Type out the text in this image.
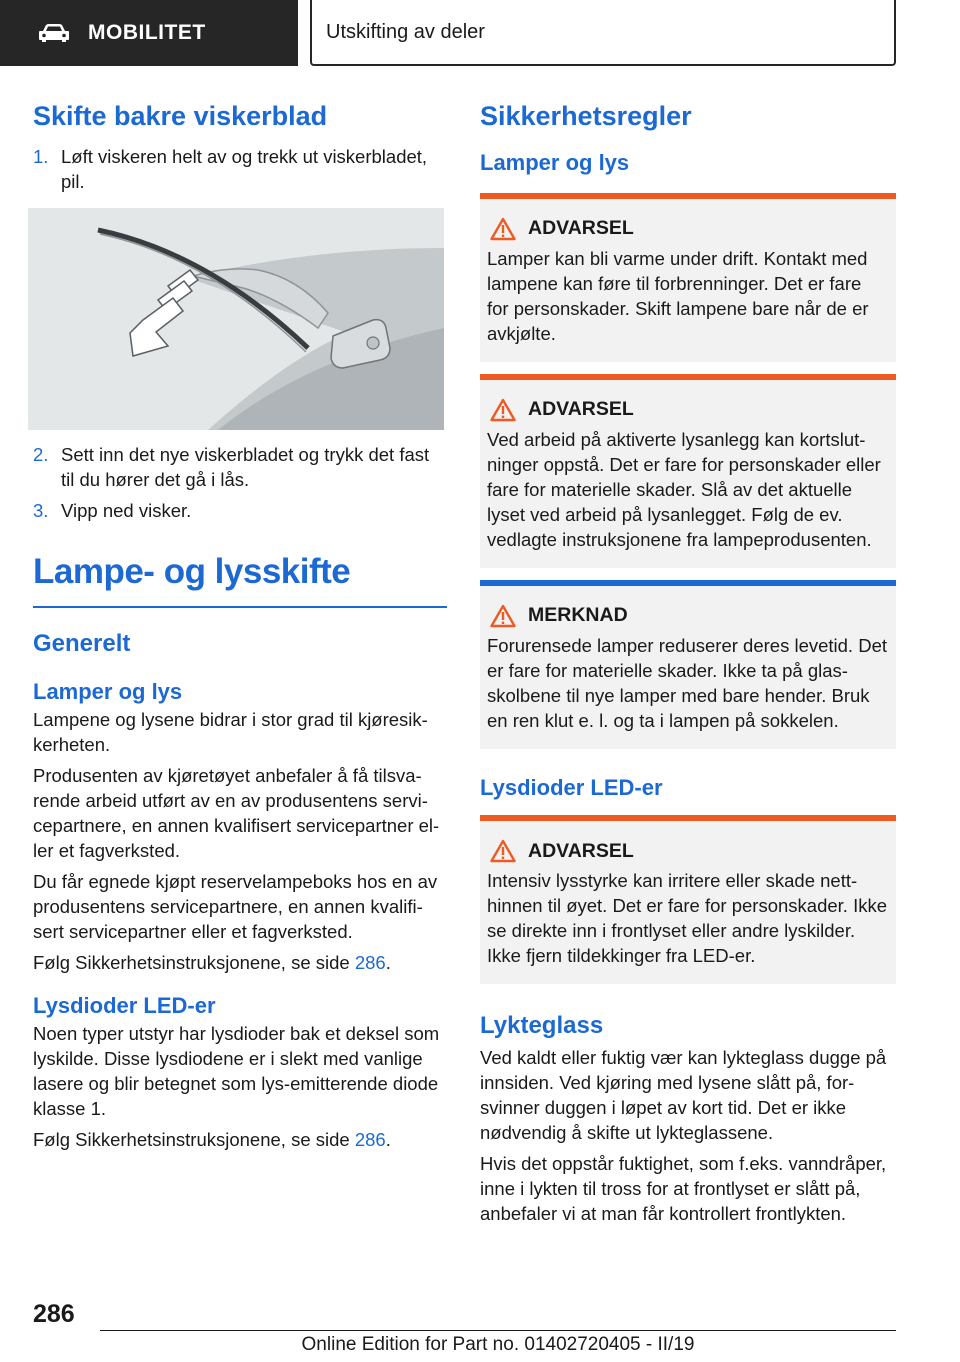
MOBILITET	Utskifting av deler
Skifte bakre viskerblad
1. Løft viskeren helt av og trekk ut viskerbladet, pil.
2. Sett inn det nye viskerbladet og trykk det fast til du hører det gå i lås.
3. Vipp ned visker.
Lampe- og lysskifte
Generelt
Lamper og lys

Lampene og lysene bidrar i stor grad til kjøresikkerheten.

Produsenten av kjøretøyet anbefaler å få tilsvarende arbeid utført av en av produsentens servicepartnere, en annen kvalifisert servicepartner eller et fagverksted.

Du får egnede kjøpt reservelampeboks hos en av produsentens servicepartnere, en annen kvalifisert servicepartner eller et fagverksted.

Følg Sikkerhetsinstruksjonene, se side 286.

Lysdioder LED-er

Noen typer utstyr har lysdioder bak et deksel som lyskilde. Disse lysdiodene er i slekt med vanlige lasere og blir betegnet som lys-emitterende diode klasse 1.

Følg Sikkerhetsinstruksjonene, se side 286.

Sikkerhetsregler
Lamper og lys
ADVARSEL

Lamper kan bli varme under drift. Kontakt med lampene kan føre til forbrenninger. Det er fare for personskader. Skift lampene bare når de er avkjølte.

ADVARSEL

Ved arbeid på aktiverte lysanlegg kan kortslutninger oppstå. Det er fare for personskader eller fare for materielle skader. Slå av det aktuelle lyset ved arbeid på lysanlegget. Følg de ev. vedlagte instruksjonene fra lampeprodusenten.

MERKNAD

Forurensede lamper reduserer deres levetid. Det er fare for materielle skader. Ikke ta på glasskolbene til nye lamper med bare hender. Bruk en ren klut e. l. og ta i lampen på sokkelen.

Lysdioder LED-er
ADVARSEL

Intensiv lysstyrke kan irritere eller skade netthinnen til øyet. Det er fare for personskader. Ikke se direkte inn i frontlyset eller andre lyskilder. Ikke fjern tildekkinger fra LED-er.

Lykteglass

Ved kaldt eller fuktig vær kan lykteglass dugge på innsiden. Ved kjøring med lysene slått på, forsvinner duggen i løpet av kort tid. Det er ikke nødvendig å skifte ut lykteglassene.

Hvis det oppstår fuktighet, som f.eks. vanndråper, inne i lykten til tross for at frontlyset er slått på, anbefaler vi at man får kontrollert frontlykten.

286
Online Edition for Part no. 01402720405 - II/19
